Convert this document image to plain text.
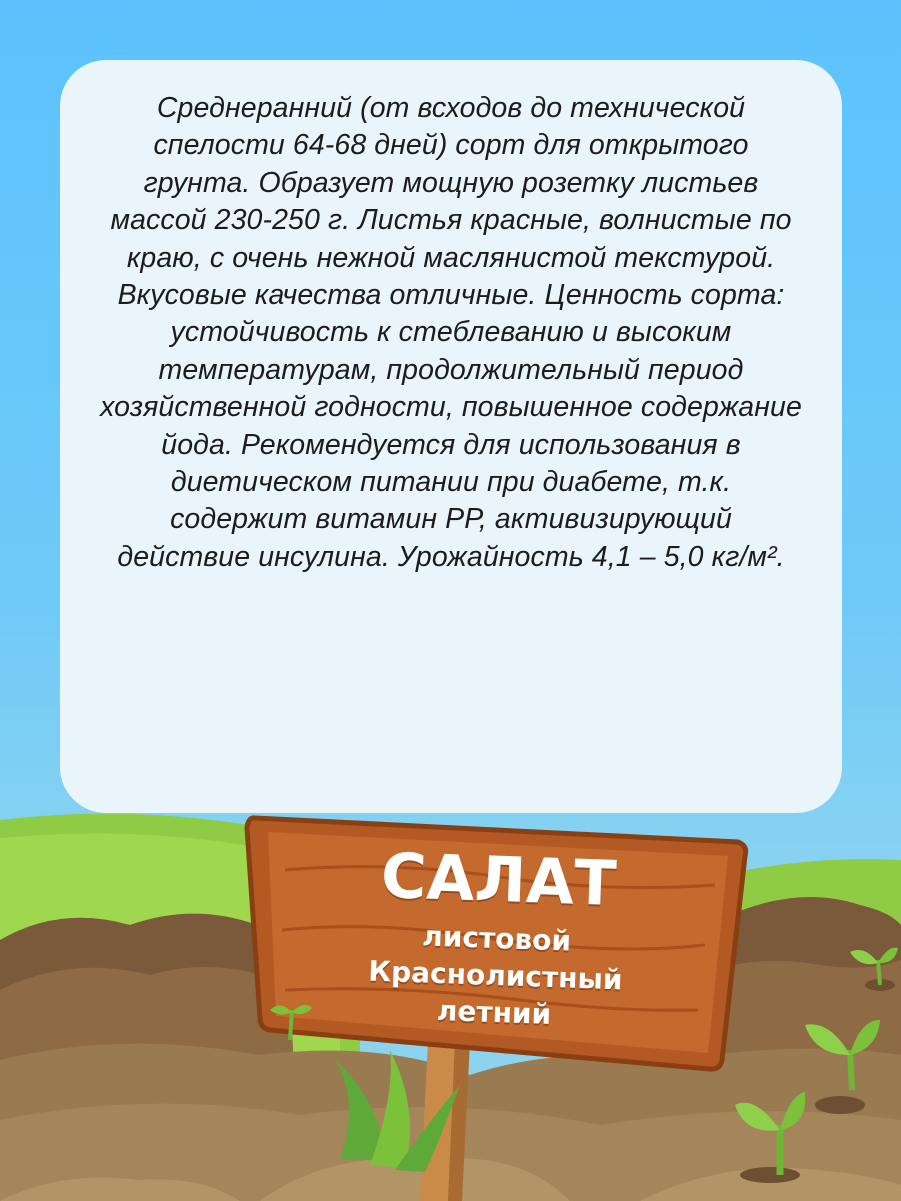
Среднеранний (от всходов до технической спелости 64-68 дней) сорт для открытого грунта. Образует мощную розетку листьев массой 230-250 г. Листья красные, волнистые по краю, с очень нежной маслянистой текстурой. Вкусовые качества отличные. Ценность сорта: устойчивость к стеблеванию и высоким температурам, продолжительный период хозяйственной годности, повышенное содержание йода. Рекомендуется для использования в диетическом питании при диабете, т.к. содержит витамин РР, активизирующий действие инсулина. Урожайность 4,1 – 5,0 кг/м².

САЛАТ
листовой
Краснолистный
летний
